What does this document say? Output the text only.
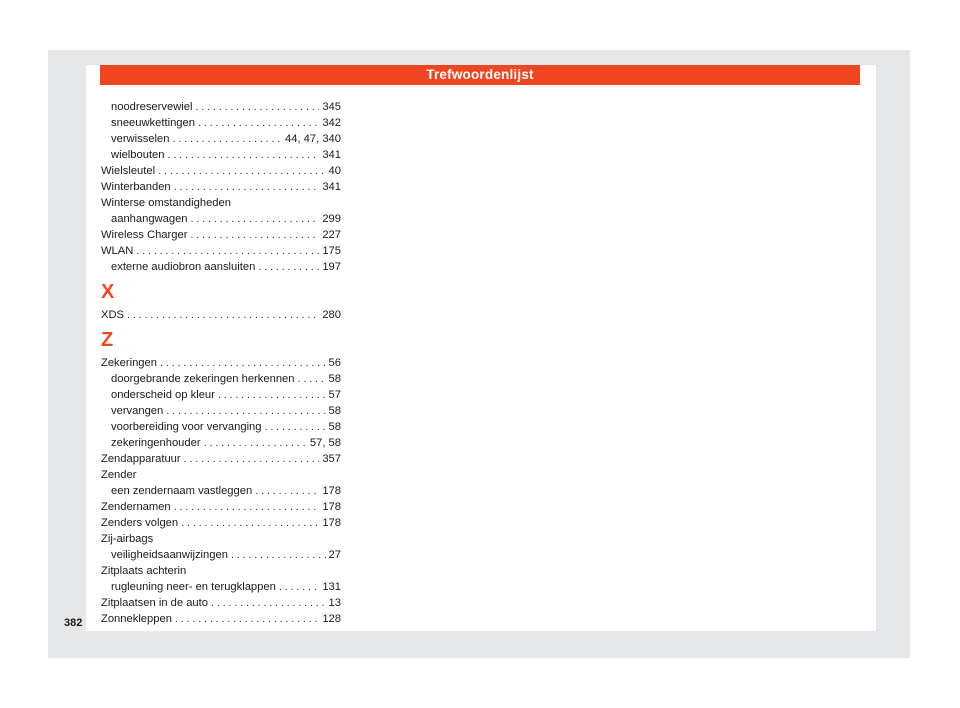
Trefwoordenlijst
noodreservewiel . . .	345
sneeuwkettingen . . .	342
verwisselen . . .	44, 47, 340
wielbouten . . .	341
Wielsleutel . . .	40
Winterbanden . . .	341
Winterse omstandigheden
aanhangwagen . . .	299
Wireless Charger . . .	227
WLAN . . .	175
externe audiobron aansluiten . . .	197
X
XDS . . .	280
Z
Zekeringen . . .	56
doorgebrande zekeringen herkennen . . .	58
onderscheid op kleur . . .	57
vervangen . . .	58
voorbereiding voor vervanging . . .	58
zekeringenhouder . . .	57, 58
Zendapparatuur . . .	357
Zender
een zendernaam vastleggen . . .	178
Zendernamen . . .	178
Zenders volgen . . .	178
Zij-airbags
veiligheidsaanwijzingen . . .	27
Zitplaats achterin
rugleuning neer- en terugklappen . . .	131
Zitplaatsen in de auto . . .	13
Zonnekleppen . . .	128
382
